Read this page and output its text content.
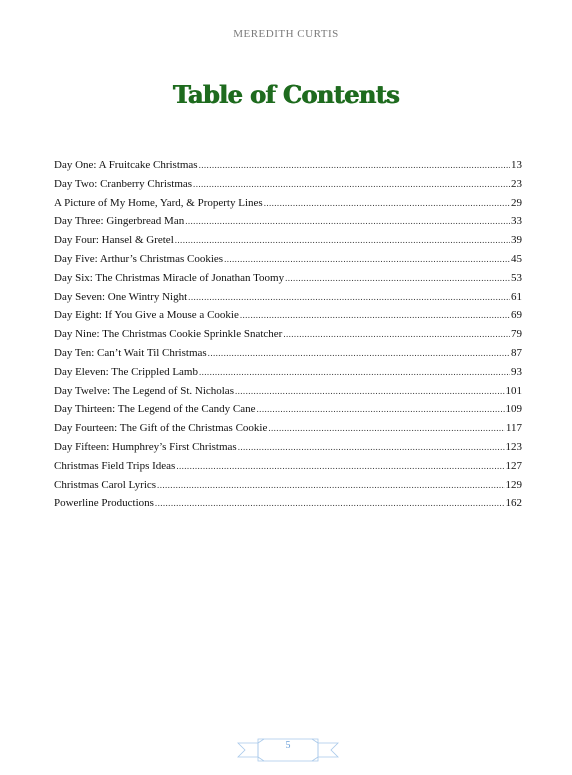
MEREDITH CURTIS
Table of Contents
Day One: A Fruitcake Christmas .....	13
Day Two: Cranberry Christmas .....	23
A Picture of My Home, Yard, & Property Lines .....	29
Day Three: Gingerbread Man .....	33
Day Four: Hansel & Gretel .....	39
Day Five: Arthur’s Christmas Cookies .....	45
Day Six: The Christmas Miracle of Jonathan Toomy .....	53
Day Seven: One Wintry Night .....	61
Day Eight: If You Give a Mouse a Cookie .....	69
Day Nine: The Christmas Cookie Sprinkle Snatcher .....	79
Day Ten: Can’t Wait Til Christmas .....	87
Day Eleven: The Crippled Lamb .....	93
Day Twelve: The Legend of St. Nicholas .....	101
Day Thirteen: The Legend of the Candy Cane .....	109
Day Fourteen: The Gift of the Christmas Cookie .....	117
Day Fifteen: Humphrey’s First Christmas .....	123
Christmas Field Trips Ideas .....	127
Christmas Carol Lyrics .....	129
Powerline Productions .....	162
5
